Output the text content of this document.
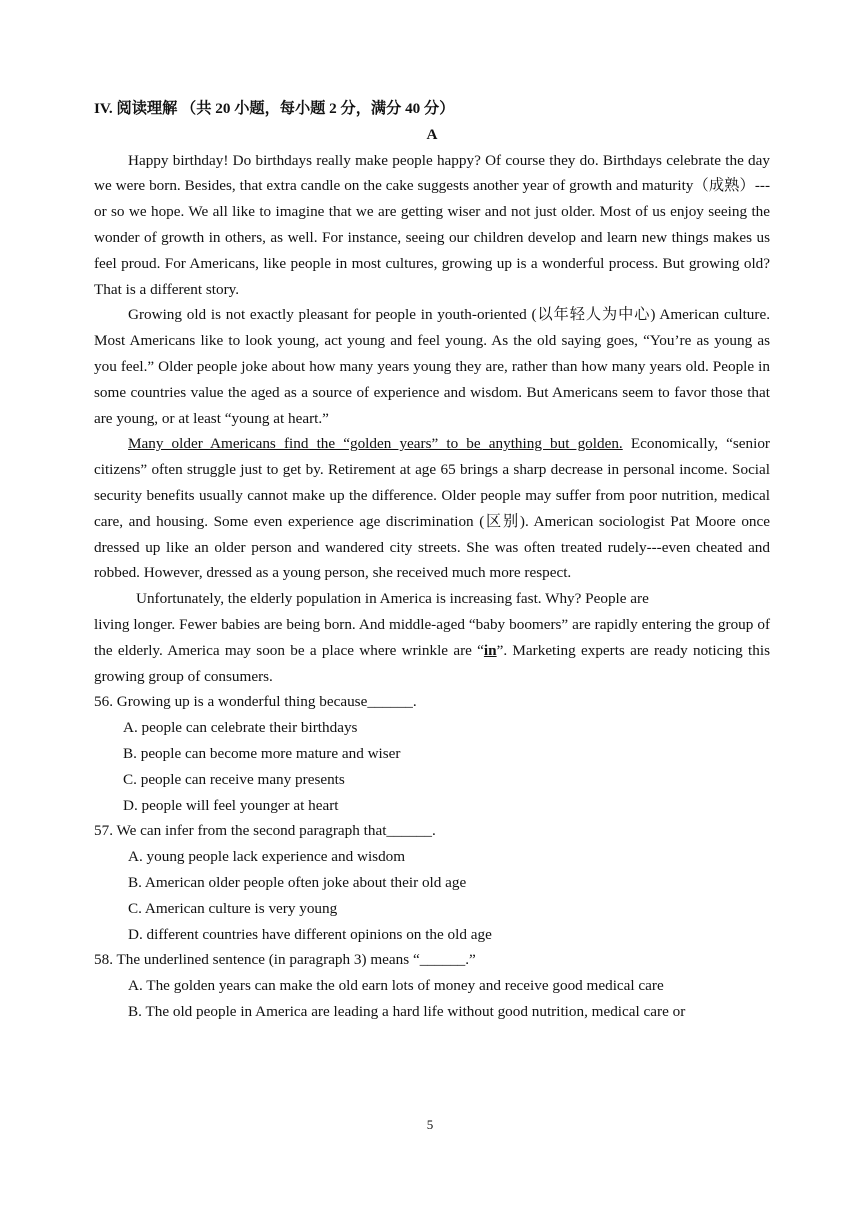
IV. 阅读理解 （共 20 小题，每小题 2 分，满分 40 分）
A

Happy birthday! Do birthdays really make people happy? Of course they do. Birthdays celebrate the day we were born. Besides, that extra candle on the cake suggests another year of growth and maturity（成熟）---or so we hope. We all like to imagine that we are getting wiser and not just older. Most of us enjoy seeing the wonder of growth in others, as well. For instance, seeing our children develop and learn new things makes us feel proud. For Americans, like people in most cultures, growing up is a wonderful process. But growing old? That is a different story.

Growing old is not exactly pleasant for people in youth-oriented (以年轻人为中心) American culture. Most Americans like to look young, act young and feel young. As the old saying goes, “You’re as young as you feel.” Older people joke about how many years young they are, rather than how many years old. People in some countries value the aged as a source of experience and wisdom. But Americans seem to favor those that are young, or at least “young at heart.”

Many older Americans find the “golden years” to be anything but golden. Economically, “senior citizens” often struggle just to get by. Retirement at age 65 brings a sharp decrease in personal income. Social security benefits usually cannot make up the difference. Older people may suffer from poor nutrition, medical care, and housing. Some even experience age discrimination (区别). American sociologist Pat Moore once dressed up like an older person and wandered city streets. She was often treated rudely---even cheated and robbed. However, dressed as a young person, she received much more respect.

Unfortunately, the elderly population in America is increasing fast. Why? People are

living longer. Fewer babies are being born. And middle-aged “baby boomers” are rapidly entering the group of the elderly. America may soon be a place where wrinkle are “in”. Marketing experts are ready noticing this growing group of consumers.

56. Growing up is a wonderful thing because______.

A. people can celebrate their birthdays
B. people can become more mature and wiser
C. people can receive many presents
D. people will feel younger at heart

57. We can infer from the second paragraph that______.

A. young people lack experience and wisdom
B. American older people often joke about their old age
C. American culture is very young
D. different countries have different opinions on the old age

58. The underlined sentence (in paragraph 3) means “______.”

A. The golden years can make the old earn lots of money and receive good medical care
B. The old people in America are leading a hard life without good nutrition, medical care or
5
